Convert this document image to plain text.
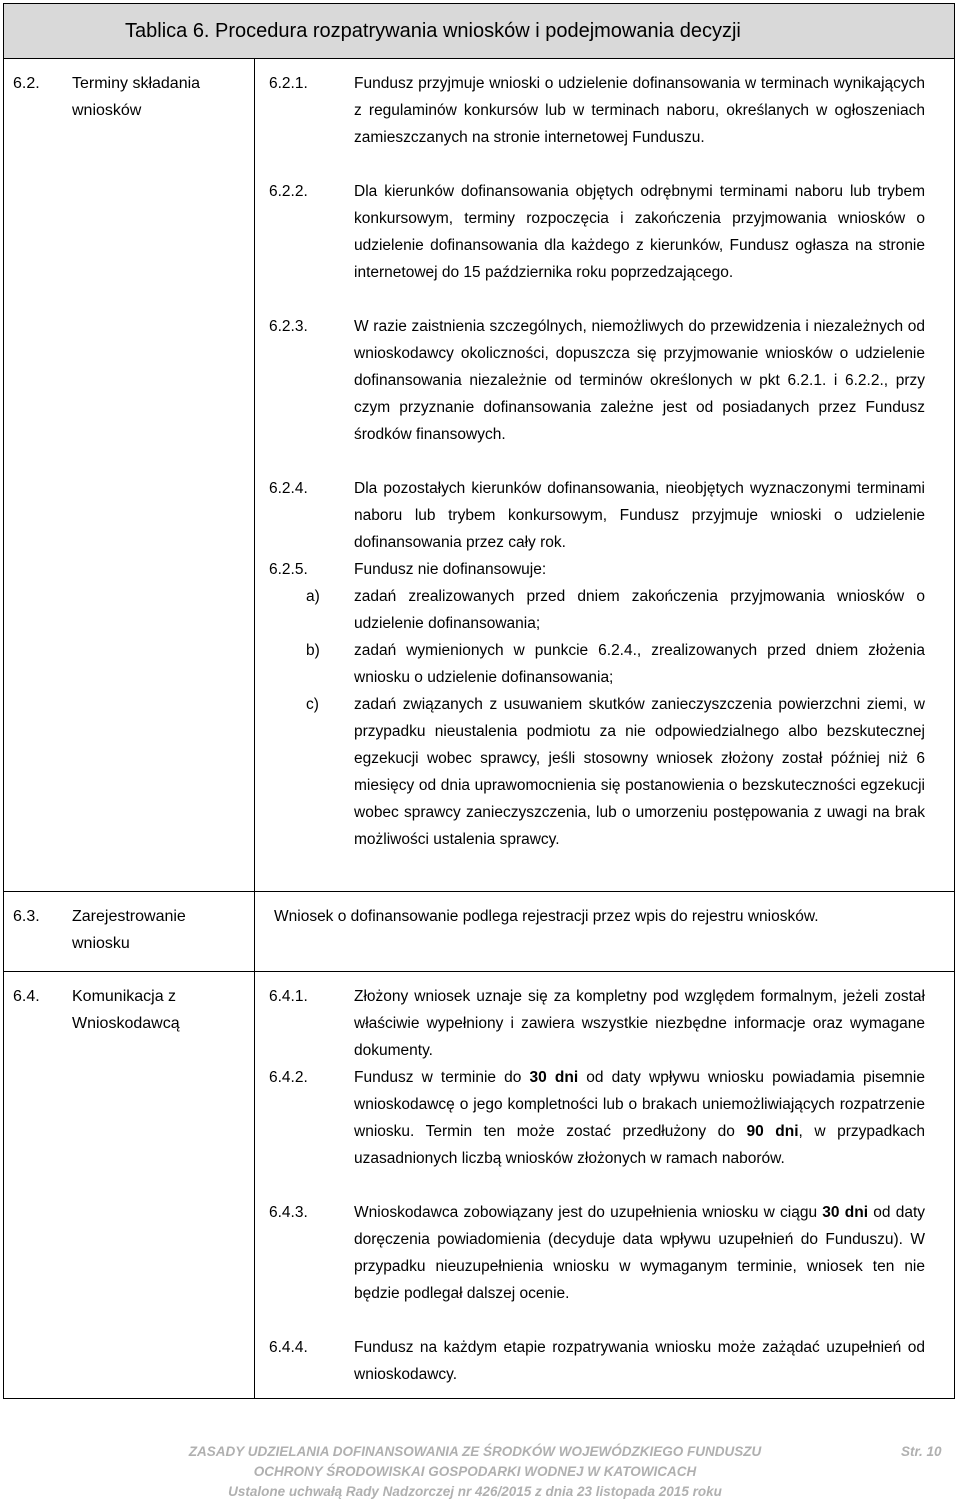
Tablica 6. Procedura rozpatrywania wniosków i podejmowania decyzji
6.2. Terminy składania wniosków
6.2.1.	Fundusz przyjmuje wnioski o udzielenie dofinansowania w terminach wynikających z regulaminów konkursów lub w terminach naboru, określanych w ogłoszeniach zamieszczanych na stronie internetowej Funduszu.
6.2.2.	Dla kierunków dofinansowania objętych odrębnymi terminami naboru lub trybem konkursowym, terminy rozpoczęcia i zakończenia przyjmowania wniosków o udzielenie dofinansowania dla każdego z kierunków, Fundusz ogłasza na stronie internetowej do 15 października roku poprzedzającego.
6.2.3.	W razie zaistnienia szczególnych, niemożliwych do przewidzenia i niezależnych od wnioskodawcy okoliczności, dopuszcza się przyjmowanie wniosków o udzielenie dofinansowania niezależnie od terminów określonych w pkt 6.2.1. i 6.2.2., przy czym przyznanie dofinansowania zależne jest od posiadanych przez Fundusz środków finansowych.
6.2.4.	Dla pozostałych kierunków dofinansowania, nieobjętych wyznaczonymi terminami naboru lub trybem konkursowym, Fundusz przyjmuje wnioski o udzielenie dofinansowania przez cały rok.
6.2.5.	Fundusz nie dofinansowuje:
a) zadań zrealizowanych przed dniem zakończenia przyjmowania wniosków o udzielenie dofinansowania;
b) zadań wymienionych w punkcie 6.2.4., zrealizowanych przed dniem złożenia wniosku o udzielenie dofinansowania;
c) zadań związanych z usuwaniem skutków zanieczyszczenia powierzchni ziemi, w przypadku nieustalenia podmiotu za nie odpowiedzialnego albo bezskutecznej egzekucji wobec sprawcy, jeśli stosowny wniosek złożony został później niż 6 miesięcy od dnia uprawomocnienia się postanowienia o bezskuteczności egzekucji wobec sprawcy zanieczyszczenia, lub o umorzeniu postępowania z uwagi na brak możliwości ustalenia sprawcy.
6.3. Zarejestrowanie wniosku
Wniosek o dofinansowanie podlega rejestracji przez wpis do rejestru wniosków.
6.4. Komunikacja z Wnioskodawcą
6.4.1.	Złożony wniosek uznaje się za kompletny pod względem formalnym, jeżeli został właściwie wypełniony i zawiera wszystkie niezbędne informacje oraz wymagane dokumenty.
6.4.2.	Fundusz w terminie do 30 dni od daty wpływu wniosku powiadamia pisemnie wnioskodawcę o jego kompletności lub o brakach uniemożliwiających rozpatrzenie wniosku. Termin ten może zostać przedłużony do 90 dni, w przypadkach uzasadnionych liczbą wniosków złożonych w ramach naborów.
6.4.3.	Wnioskodawca zobowiązany jest do uzupełnienia wniosku w ciągu 30 dni od daty doręczenia powiadomienia (decyduje data wpływu uzupełnień do Funduszu). W przypadku nieuzupełnienia wniosku w wymaganym terminie, wniosek ten nie będzie podlegał dalszej ocenie.
6.4.4.	Fundusz na każdym etapie rozpatrywania wniosku może zażądać uzupełnień od wnioskodawcy.
ZASADY UDZIELANIA DOFINANSOWANIA ZE ŚRODKÓW WOJEWÓDZKIEGO FUNDUSZU	Str. 10
OCHRONY ŚRODOWISKAI GOSPODARKI WODNEJ W KATOWICACH
Ustalone uchwałą Rady Nadzorczej nr 426/2015 z dnia 23 listopada 2015 roku
